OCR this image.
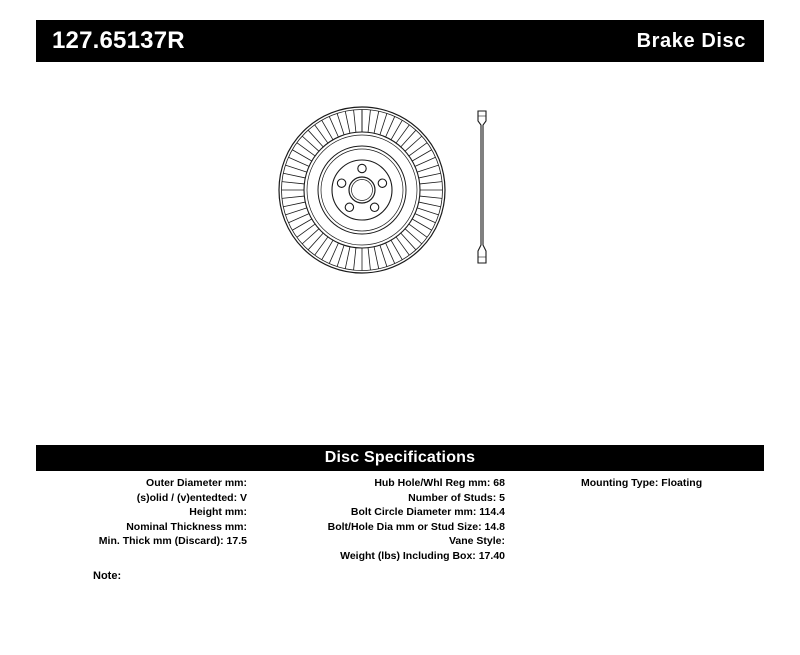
127.65137R	Brake Disc
Disc Specifications
Outer Diameter mm:
(s)olid / (v)entedted: V
Height mm:
Nominal Thickness mm:
Min. Thick mm (Discard): 17.5
Hub Hole/Whl Reg mm: 68
Number of Studs: 5
Bolt Circle Diameter mm: 114.4
Bolt/Hole Dia mm or Stud Size: 14.8
Vane Style:
Weight (lbs) Including Box: 17.40
Mounting Type: Floating
Note:
